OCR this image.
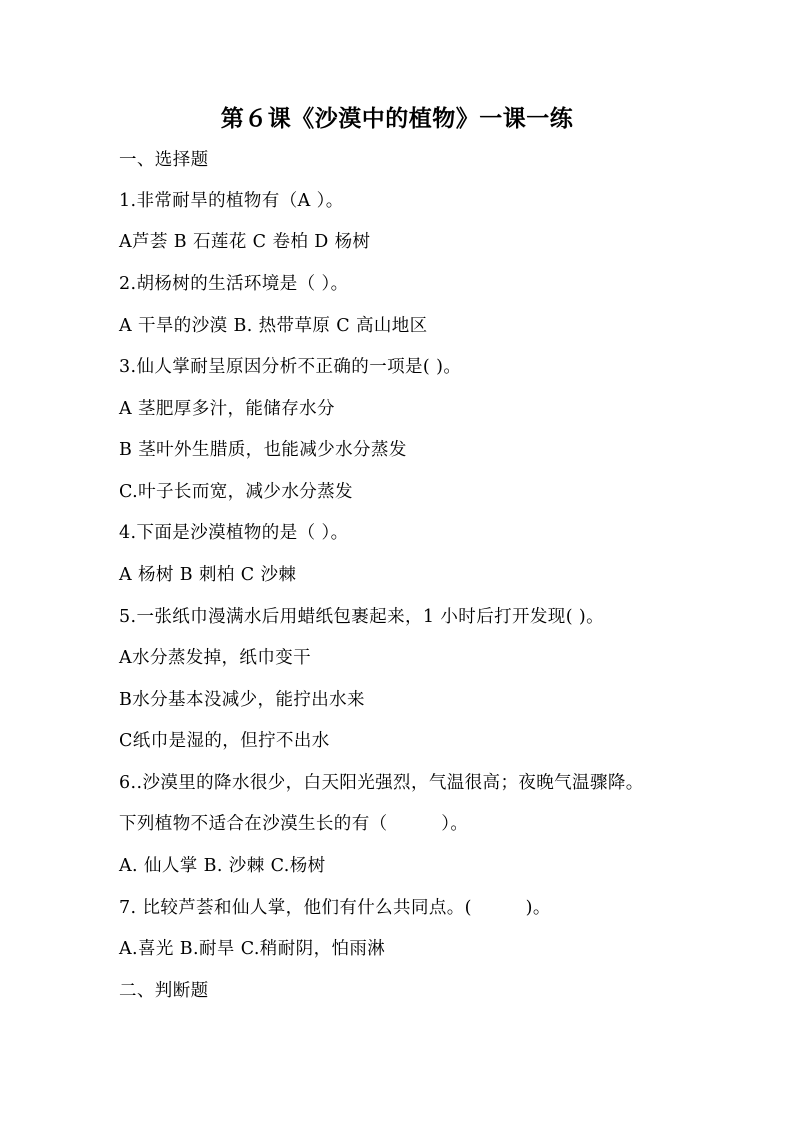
第６课《沙漠中的植物》一课一练
一、选择题
1.非常耐旱的植物有（A ）。
A芦荟 B 石莲花 C 卷柏 D 杨树
2.胡杨树的生活环境是（ ）。
A 干旱的沙漠 B. 热带草原 C 高山地区
3.仙人掌耐呈原因分析不正确的一项是( )。
A 茎肥厚多汁，能储存水分
B 茎叶外生腊质，也能减少水分蒸发
C.叶子长而宽，减少水分蒸发
4.下面是沙漠植物的是（ ）。
A 杨树 B 刺柏 C 沙棘
5.一张纸巾漫满水后用蜡纸包裹起来，1 小时后打开发现( )。
A水分蒸发掉，纸巾变干
B水分基本没减少，能拧出水来
C纸巾是湿的，但拧不出水
6..沙漠里的降水很少，白天阳光强烈，气温很高；夜晚气温骤降。
下列植物不适合在沙漠生长的有（　　　）。
A. 仙人掌 B. 沙棘 C.杨树
7. 比较芦荟和仙人掌，他们有什么共同点。(　　　)。
A.喜光 B.耐旱 C.稍耐阴，怕雨淋
二、判断题
